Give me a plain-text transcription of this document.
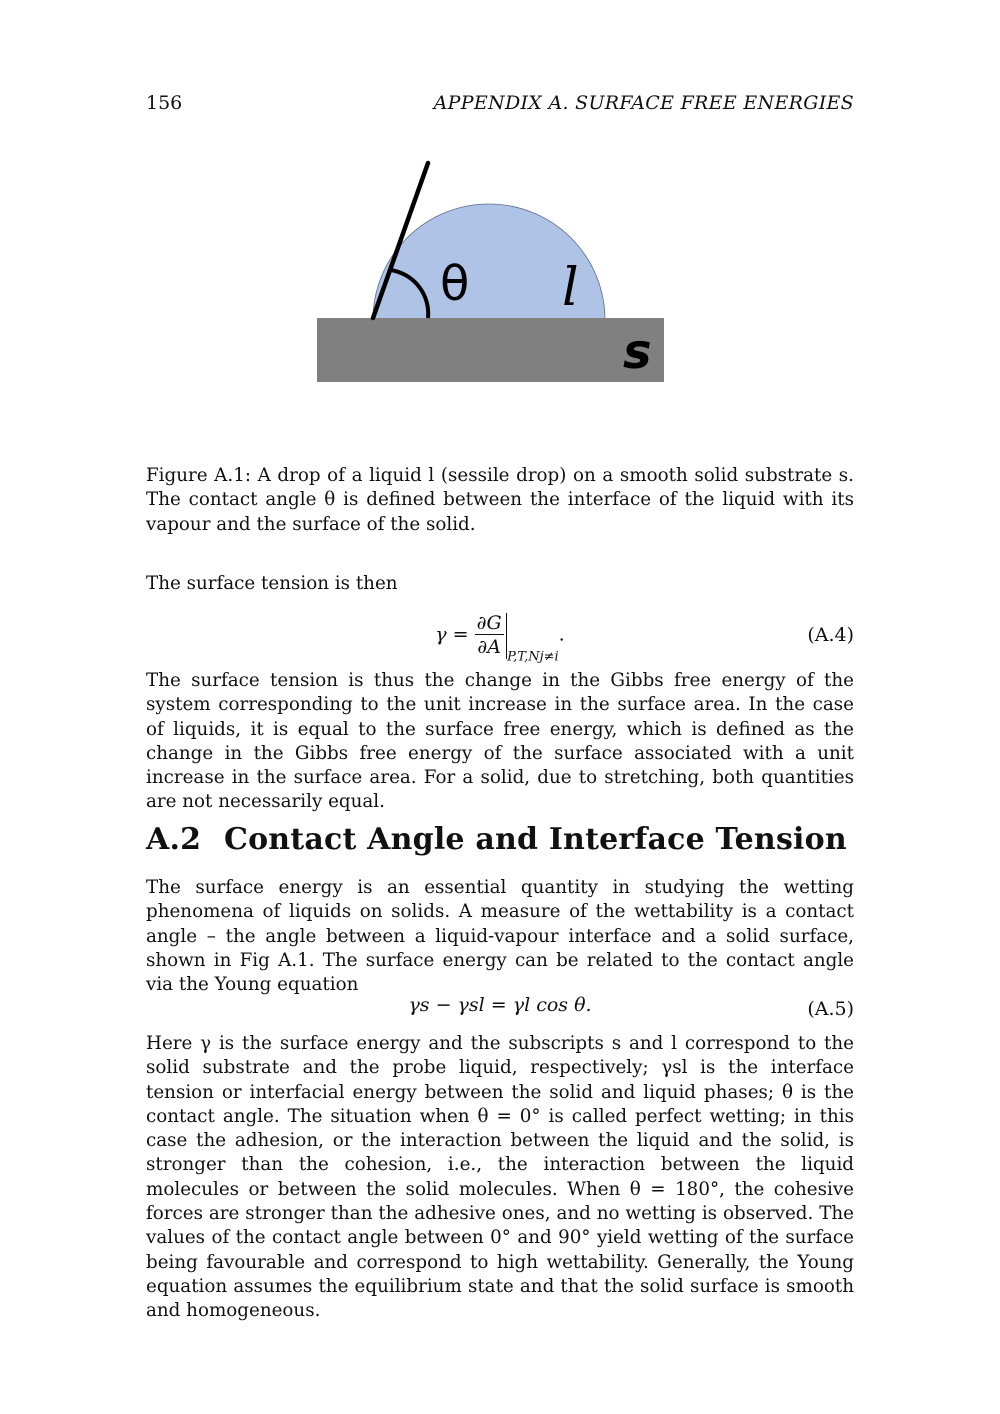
156	APPENDIX A. SURFACE FREE ENERGIES
θ l
s
Figure A.1: A drop of a liquid l (sessile drop) on a smooth solid substrate s. The contact angle θ is defined between the interface of the liquid with its vapour and the surface of the solid.
The surface tension is then
$\gamma = \frac{\partial G}{\partial A} _{P,T,Nj\ne i}$.	(A.4)
The surface tension is thus the change in the Gibbs free energy of the system corresponding to the unit increase in the surface area. In the case of liquids, it is equal to the surface free energy, which is defined as the change in the Gibbs free energy of the surface associated with a unit increase in the surface area. For a solid, due to stretching, both quantities are not necessarily equal.
A.2 Contact Angle and Interface Tension
The surface energy is an essential quantity in studying the wetting phenomena of liquids on solids. A measure of the wettability is a contact angle – the angle between a liquid-vapour interface and a solid surface, shown in Fig A.1. The surface energy can be related to the contact angle via the Young equation
γs − γsl = γl cos θ.	(A.5)
Here γ is the surface energy and the subscripts s and l correspond to the solid substrate and the probe liquid, respectively; γsl is the interface tension or interfacial energy between the solid and liquid phases; θ is the contact angle. The situation when θ = 0° is called perfect wetting; in this case the adhesion, or the interaction between the liquid and the solid, is stronger than the cohesion, i.e., the interaction between the liquid molecules or between the solid molecules. When θ = 180°, the cohesive forces are stronger than the adhesive ones, and no wetting is observed. The values of the contact angle between 0° and 90° yield wetting of the surface being favourable and correspond to high wettability. Generally, the Young equation assumes the equilibrium state and that the solid surface is smooth and homogeneous.
